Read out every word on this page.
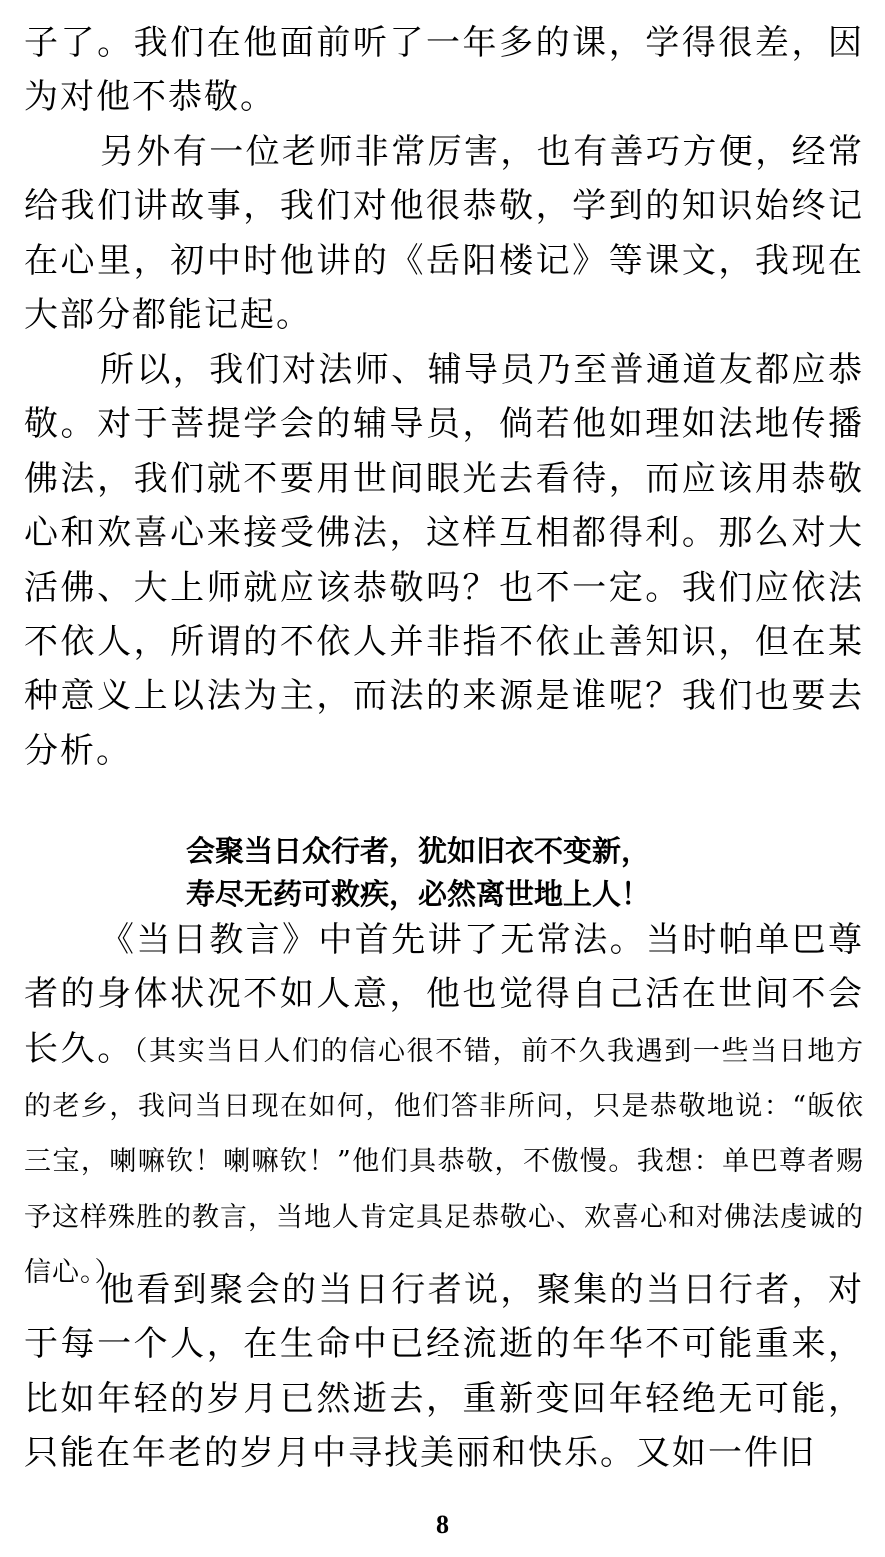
子了。我们在他面前听了一年多的课，学得很差，因为对他不恭敬。

另外有一位老师非常厉害，也有善巧方便，经常给我们讲故事，我们对他很恭敬，学到的知识始终记在心里，初中时他讲的《岳阳楼记》等课文，我现在大部分都能记起。

所以，我们对法师、辅导员乃至普通道友都应恭敬。对于菩提学会的辅导员，倘若他如理如法地传播佛法，我们就不要用世间眼光去看待，而应该用恭敬心和欢喜心来接受佛法，这样互相都得利。那么对大活佛、大上师就应该恭敬吗？也不一定。我们应依法不依人，所谓的不依人并非指不依止善知识，但在某种意义上以法为主，而法的来源是谁呢？我们也要去分析。

会聚当日众行者，犹如旧衣不变新，
寿尽无药可救疾，必然离世地上人！

《当日教言》中首先讲了无常法。当时帕单巴尊者的身体状况不如人意，他也觉得自己活在世间不会长久。（其实当日人们的信心很不错，前不久我遇到一些当日地方的老乡，我问当日现在如何，他们答非所问，只是恭敬地说：“皈依三宝，喇嘛钦！喇嘛钦！”他们具恭敬，不傲慢。我想：单巴尊者赐予这样殊胜的教言，当地人肯定具足恭敬心、欢喜心和对佛法虔诚的信心。）

他看到聚会的当日行者说，聚集的当日行者，对于每一个人，在生命中已经流逝的年华不可能重来，比如年轻的岁月已然逝去，重新变回年轻绝无可能，只能在年老的岁月中寻找美丽和快乐。又如一件旧

8
